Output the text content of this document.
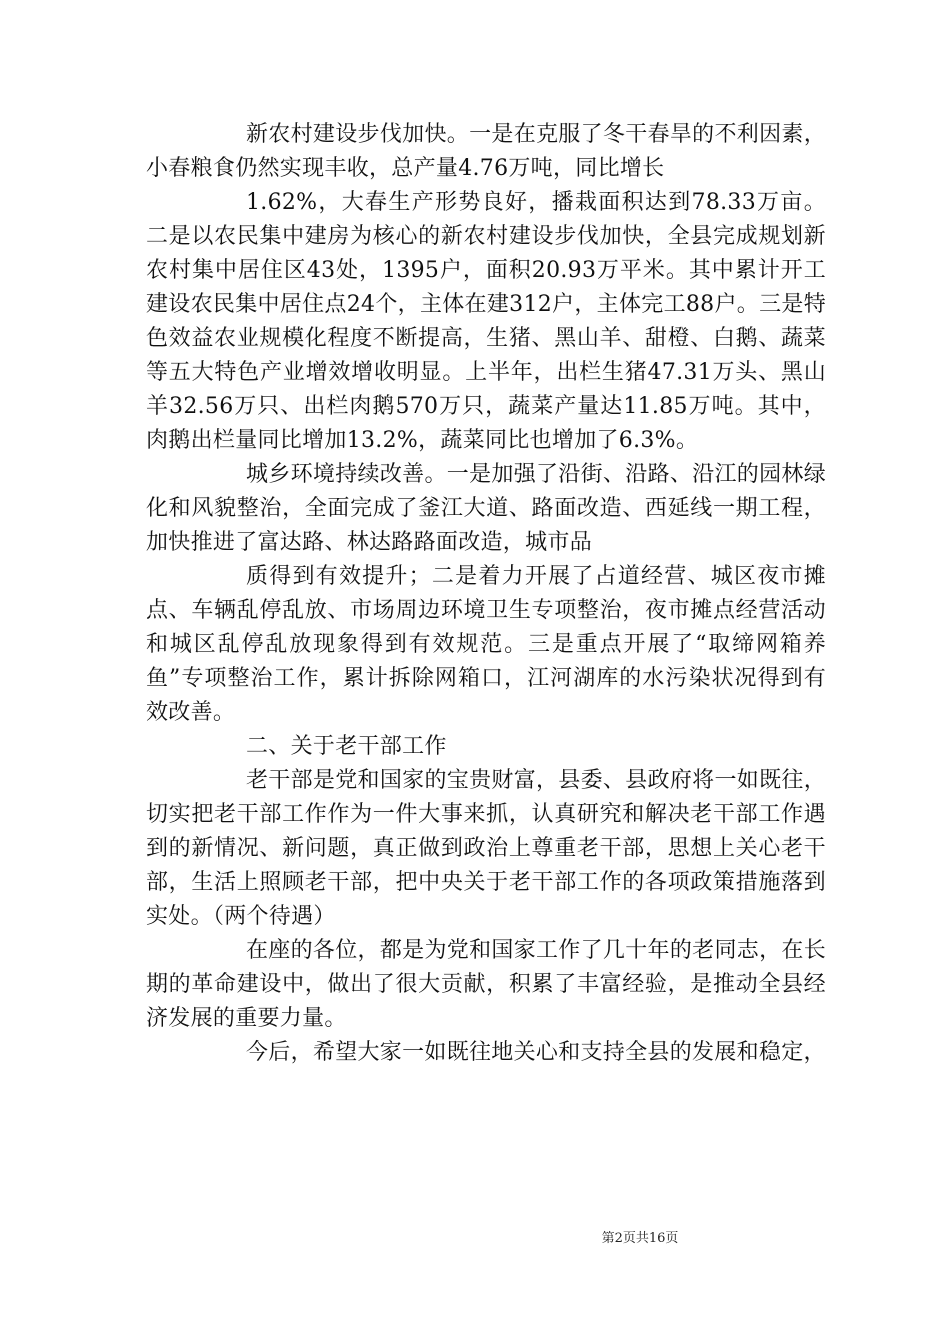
新农村建设步伐加快。一是在克服了冬干春旱的不利因素，小春粮食仍然实现丰收，总产量4.76万吨，同比增长

1.62%，大春生产形势良好，播栽面积达到78.33万亩。二是以农民集中建房为核心的新农村建设步伐加快，全县完成规划新农村集中居住区43处，1395户，面积20.93万平米。其中累计开工建设农民集中居住点24个，主体在建312户，主体完工88户。三是特色效益农业规模化程度不断提高，生猪、黑山羊、甜橙、白鹅、蔬菜等五大特色产业增效增收明显。上半年，出栏生猪47.31万头、黑山羊32.56万只、出栏肉鹅570万只，蔬菜产量达11.85万吨。其中，肉鹅出栏量同比增加13.2%，蔬菜同比也增加了6.3%。

城乡环境持续改善。一是加强了沿街、沿路、沿江的园林绿化和风貌整治，全面完成了釜江大道、路面改造、西延线一期工程，加快推进了富达路、林达路路面改造，城市品

质得到有效提升；二是着力开展了占道经营、城区夜市摊点、车辆乱停乱放、市场周边环境卫生专项整治，夜市摊点经营活动和城区乱停乱放现象得到有效规范。三是重点开展了“取缔网箱养鱼”专项整治工作，累计拆除网箱口，江河湖库的水污染状况得到有效改善。

二、关于老干部工作

老干部是党和国家的宝贵财富，县委、县政府将一如既往，切实把老干部工作作为一件大事来抓，认真研究和解决老干部工作遇到的新情况、新问题，真正做到政治上尊重老干部，思想上关心老干部，生活上照顾老干部，把中央关于老干部工作的各项政策措施落到实处。（两个待遇）

在座的各位，都是为党和国家工作了几十年的老同志，在长期的革命建设中，做出了很大贡献，积累了丰富经验，是推动全县经济发展的重要力量。

今后，希望大家一如既往地关心和支持全县的发展和稳定，

第2页共16页
